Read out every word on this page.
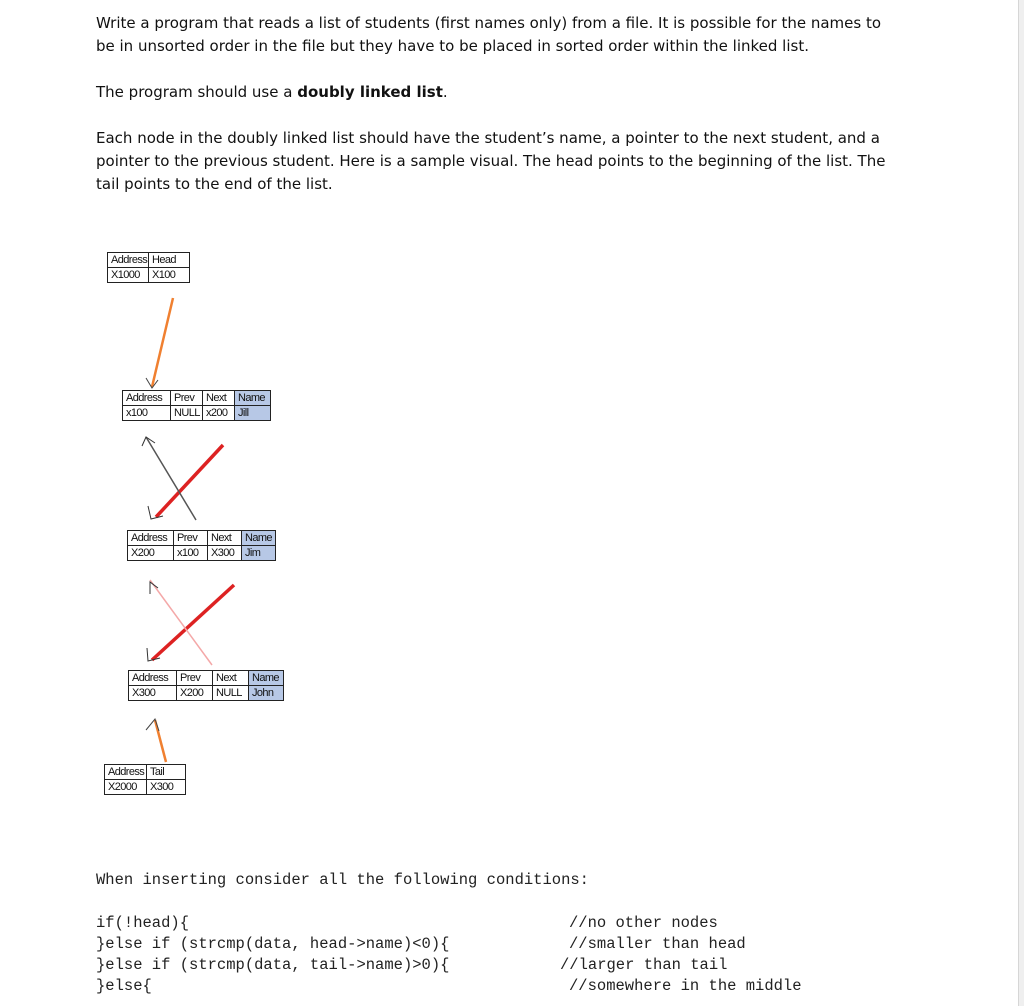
Write a program that reads a list of students (first names only) from a file. It is possible for the names to be in unsorted order in the file but they have to be placed in sorted order within the linked list.

The program should use a doubly linked list.

Each node in the doubly linked list should have the student’s name, a pointer to the next student, and a pointer to the previous student. Here is a sample visual. The head points to the beginning of the list. The tail points to the end of the list.

Address Head
X1000	X100
Address	Prev	Next	Name
x100	NULL x200 Jill
Address Prev	Next	Name
X200	x100	X300 Jim
Address	Prev	Next	Name
X300	X200	NULL John
Address Tail
X2000	X300
When inserting consider all the following conditions:
if(!head){	//no other nodes
}else if (strcmp(data, head->name)<0){	//smaller than head
}else if (strcmp(data, tail->name)>0){	//larger than tail
}else{	//somewhere in the middle
